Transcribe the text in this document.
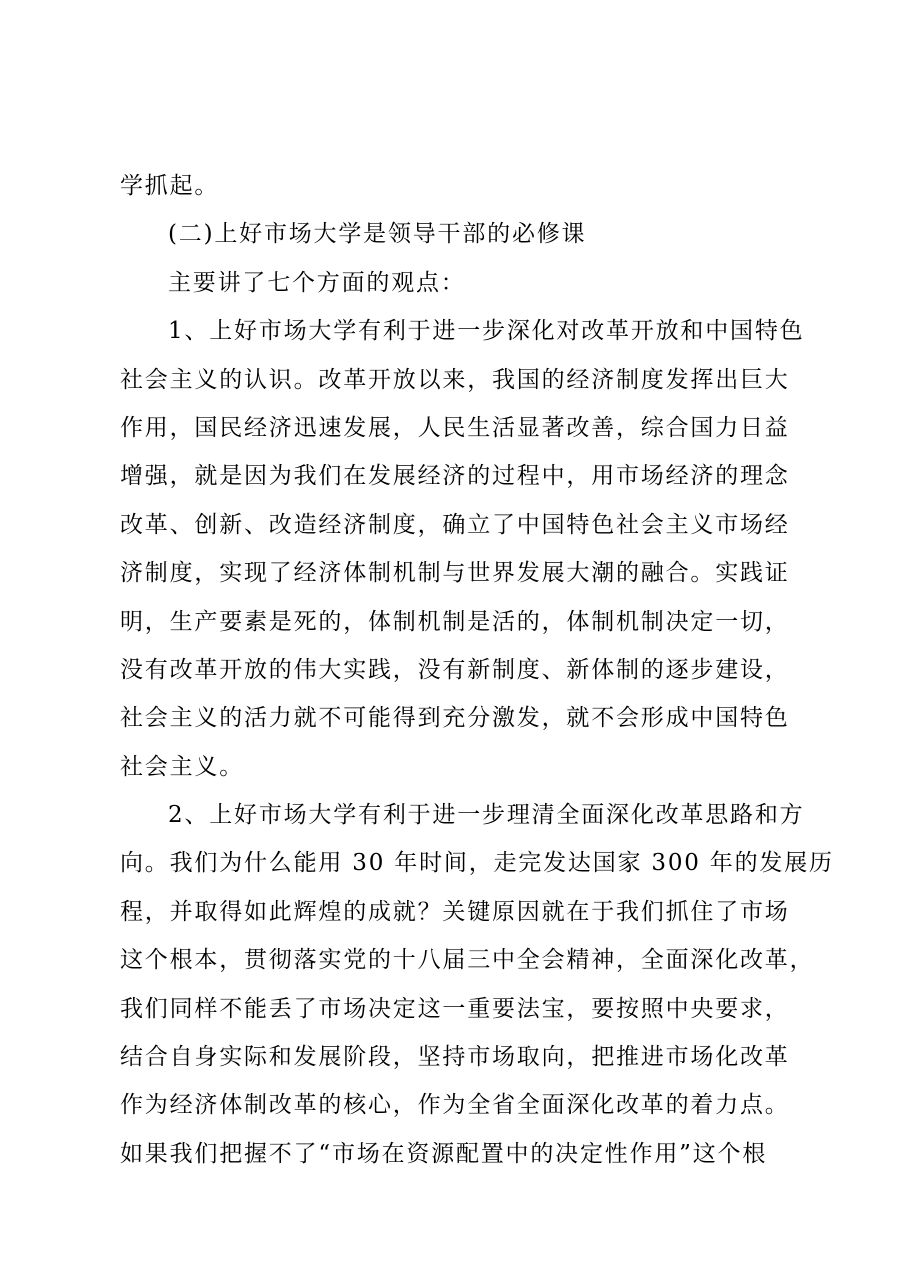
学抓起。
(二)上好市场大学是领导干部的必修课
主要讲了七个方面的观点：
1、上好市场大学有利于进一步深化对改革开放和中国特色
社会主义的认识。改革开放以来，我国的经济制度发挥出巨大
作用，国民经济迅速发展，人民生活显著改善，综合国力日益
增强，就是因为我们在发展经济的过程中，用市场经济的理念
改革、创新、改造经济制度，确立了中国特色社会主义市场经
济制度，实现了经济体制机制与世界发展大潮的融合。实践证
明，生产要素是死的，体制机制是活的，体制机制决定一切，
没有改革开放的伟大实践，没有新制度、新体制的逐步建设，
社会主义的活力就不可能得到充分激发，就不会形成中国特色
社会主义。
2、上好市场大学有利于进一步理清全面深化改革思路和方
向。我们为什么能用 30 年时间，走完发达国家 300 年的发展历
程，并取得如此辉煌的成就？关键原因就在于我们抓住了市场
这个根本，贯彻落实党的十八届三中全会精神，全面深化改革，
我们同样不能丢了市场决定这一重要法宝，要按照中央要求，
结合自身实际和发展阶段，坚持市场取向，把推进市场化改革
作为经济体制改革的核心，作为全省全面深化改革的着力点。
如果我们把握不了“市场在资源配置中的决定性作用”这个根
